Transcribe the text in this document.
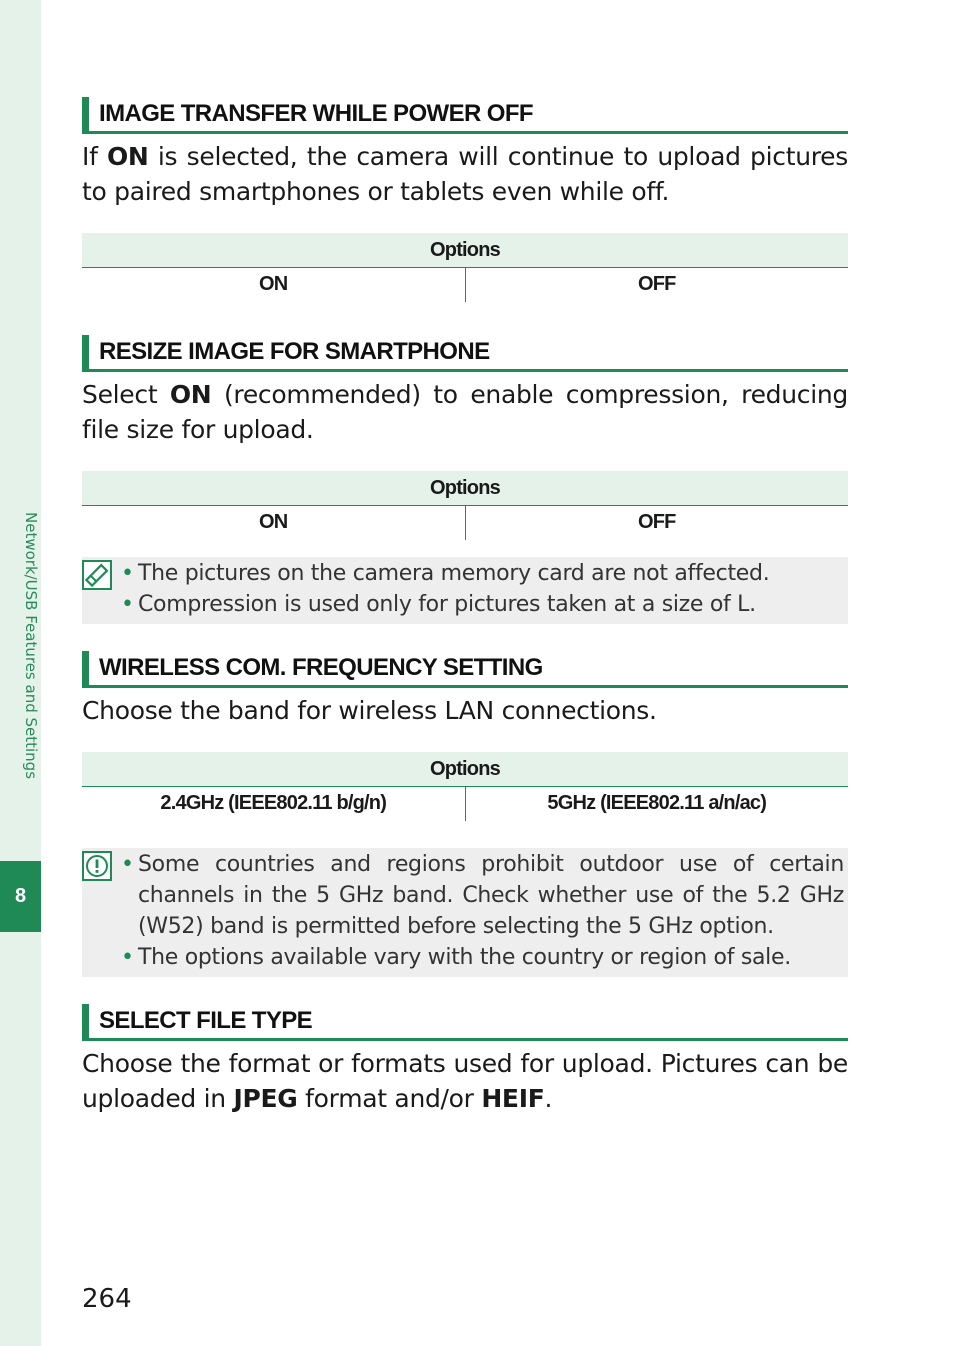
Network/USB Features and Settings
8
IMAGE TRANSFER WHILE POWER OFF

If ON is selected, the camera will continue to upload pictures to paired smartphones or tablets even while off.

Options
ON	OFF
RESIZE IMAGE FOR SMARTPHONE

Select ON (recommended) to enable compression, reducing file size for upload.

Options
ON	OFF
• The pictures on the camera memory card are not affected.
• Compression is used only for pictures taken at a size of L.
WIRELESS COM. FREQUENCY SETTING

Choose the band for wireless LAN connections.

Options
2.4GHz (IEEE802.11 b/g/n)	5GHz (IEEE802.11 a/n/ac)
• Some countries and regions prohibit outdoor use of certain channels in the 5 GHz band. Check whether use of the 5.2 GHz (W52) band is permitted before selecting the 5 GHz option.
• The options available vary with the country or region of sale.
SELECT FILE TYPE

Choose the format or formats used for upload. Pictures can be uploaded in JPEG format and/or HEIF.

264
